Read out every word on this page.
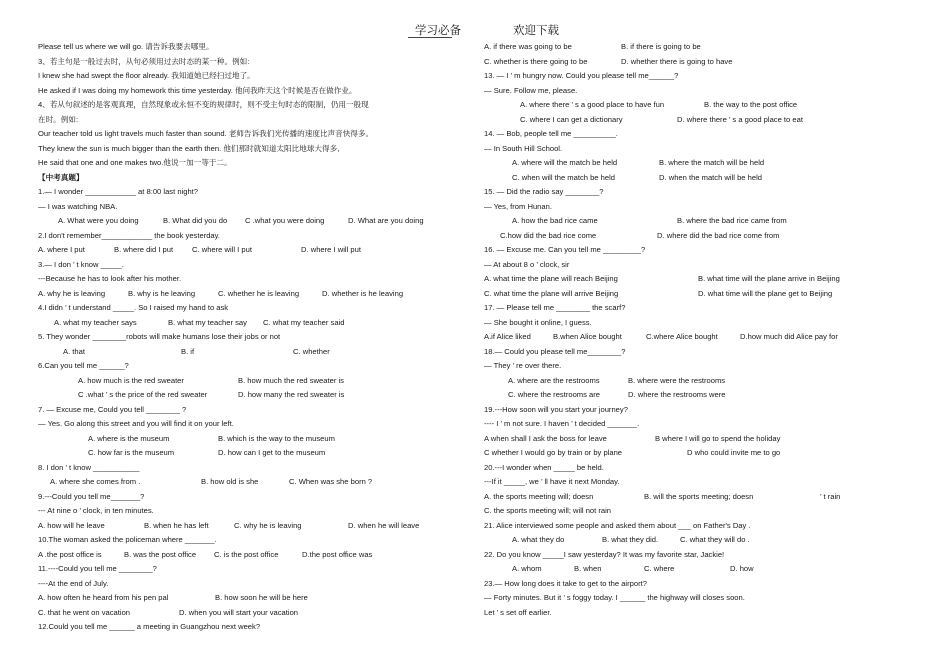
学习必备	欢迎下载
Please tell us where we will go. 请告诉我要去哪里。
3、若主句是一般过去时，从句必须用过去时态的某一种。例如:
I knew she had swept the floor already. 我知道她已经扫过地了。
He asked if I was doing my homework this time yesterday. 他问我昨天这个时候是否在做作业。
4、若从句叙述的是客观真理，自然现象或永恒不变的规律时，则不受主句时态的限制，仍用一般现
在时。例如:
Our teacher told us light travels much faster than sound. 老师告诉我们光传播的速度比声音快得多。
They knew the sun is much bigger than the earth then. 他们那时就知道太阳比地球大得多,
He said that one and one makes two.他说一加一等于二。
【中考真题】
1.— I wonder ____________ at 8:00 last night?
— I was watching NBA.
A. What were you doing	B. What did you do C .what you were doing	D. What are you doing
2.I don't remember____________ the book yesterday.
A. where I put	B. where did I put C. where will I put	D. where I will put
3.— I don ’ t know _____.
---Because he has to look after his mother.
A. why he is leaving	B. why is he leaving	C. whether he is leaving	D. whether is he leaving
4.I didn ’ t understand _____. So I raised my hand to ask
A. what my teacher says	B. what my teacher say C. what my teacher said
5. They wonder ________robots will make humans lose their jobs or not
A. that	B. if	C. whether
6.Can you tell me ______?
A. how much is the red sweater	B. how much the red sweater is
C .what ’ s the price of the red sweater	D. how many the red sweater is
7. — Excuse me, Could you tell ________ ?
— Yes. Go along this street and you will find it on your left.
A. where is the museum	B. which is the way to the museum
C. how far is the museum	D. how can I get to the museum
8. I don ' t know ___________
A. where she comes from .	B. how old is she	C. When was she born ?
9.---Could you tell me_______?
--- At nine o ’ clock, in ten minutes.
A. how will he leave	B. when he has left	C. why he is leaving	D. when he will leave
10.The woman asked the policeman where _______.
A .the post office is	B. was the post office C. is the post office	D.the post office was
11.----Could you tell me ________?
----At the end of July.
A. how often he heard from his pen pal	B. how soon he will be here
C. that he went on vacation	D. when you will start your vacation
12.Could you tell me ______ a meeting in Guangzhou next week?
A. if there was going to be	B. if there is going to be
C. whether is there going to be	D. whether there is going to have
13. — I ’ m hungry now. Could you please tell me______?
— Sure. Follow me, please.
A. where there ’ s a good place to have fun	B. the way to the post office
C. where I can get a dictionary	D. where there ’ s a good place to eat
14. — Bob, people tell me __________.
— In South Hill School.
A. where will the match be held	B. where the match will be held
C. when will the match be held	D. when the match will be held
15. — Did the radio say ________?
— Yes, from Hunan.
A. how the bad rice came	B. where the bad rice came from
C.how did the bad rice come	D. where did the bad rice come from
16. — Excuse me. Can you tell me _________?
— At about 8 o ’ clock, sir
A. what time the plane will reach Beijing	B. what time will the plane arrive in Beijing
C. what time the plane will arrive Beijing	D. what time will the plane get to Beijing
17. — Please tell me ________ the scarf?
— She bought it online, I guess.
A.if Alice liked	B.when Alice bought	C.where Alice bought	D.how much did Alice pay for
18.— Could you please tell me________?
— They ’ re over there.
A. where are the restrooms	B. where were the restrooms
C. where the restrooms are	D. where the restrooms were
19.---How soon will you start your journey?
---- I ’ m not sure. I haven ’ t decided _______.
A when shall I ask the boss for leave	B where I will go to spend the holiday
C whether I would go by train or by plane	D who could invite me to go
20.---I wonder when _____ be held.
---If it _____, we ’ ll have it next Monday.
A. the sports meeting will; doesn	B. will the sports meeting; doesn	’ t rain
C. the sports meeting will; will not rain
21. Alice interviewed some people and asked them about ___ on Father's Day .
A. what they do	B. what they did.	C. what they will do .
22. Do you know _____I saw yesterday? It was my favorite star, Jackie!
A. whom	B. when	C. where	D. how
23.— How long does it take to get to the airport?
— Forty minutes. But it ’ s foggy today. I ______ the highway will closes soon.
Let ’ s set off earlier.
